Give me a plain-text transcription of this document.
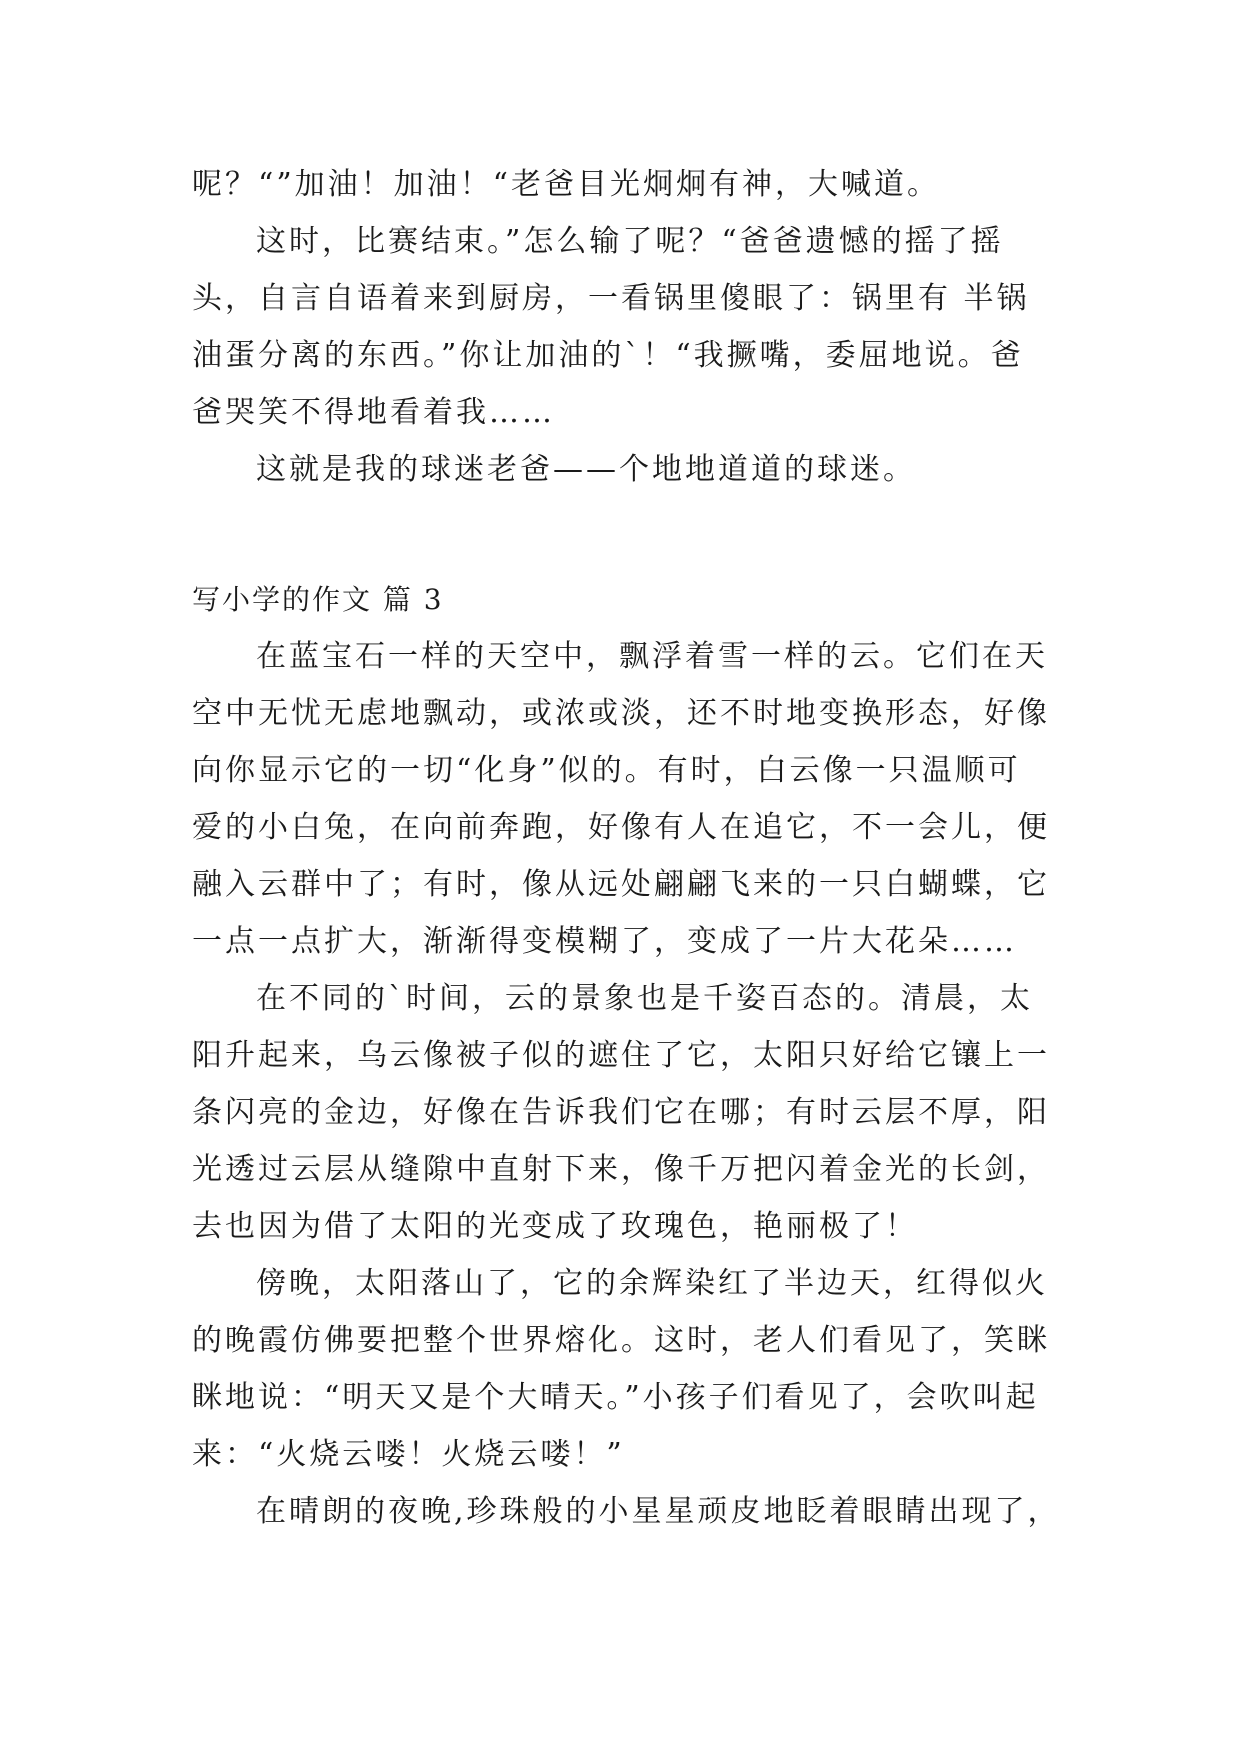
呢？“”加油！加油！“老爸目光炯炯有神，大喊道。
这时，比赛结束。”怎么输了呢？“爸爸遗憾的摇了摇
头，自言自语着来到厨房，一看锅里傻眼了：锅里有 半锅
油蛋分离的东西。”你让加油的`！“我撅嘴，委屈地说。爸
爸哭笑不得地看着我……
这就是我的球迷老爸——个地地道道的球迷。
写小学的作文 篇 3
在蓝宝石一样的天空中，飘浮着雪一样的云。它们在天
空中无忧无虑地飘动，或浓或淡，还不时地变换形态，好像
向你显示它的一切“化身”似的。有时，白云像一只温顺可
爱的小白兔，在向前奔跑，好像有人在追它，不一会儿，便
融入云群中了；有时，像从远处翩翩飞来的一只白蝴蝶，它
一点一点扩大，渐渐得变模糊了，变成了一片大花朵……
在不同的`时间，云的景象也是千姿百态的。清晨，太
阳升起来，乌云像被子似的遮住了它，太阳只好给它镶上一
条闪亮的金边，好像在告诉我们它在哪；有时云层不厚，阳
光透过云层从缝隙中直射下来，像千万把闪着金光的长剑，
去也因为借了太阳的光变成了玫瑰色，艳丽极了！
傍晚，太阳落山了，它的余辉染红了半边天，红得似火
的晚霞仿佛要把整个世界熔化。这时，老人们看见了，笑眯
眯地说：“明天又是个大晴天。”小孩子们看见了，会吹叫起
来：“火烧云喽！火烧云喽！”
在晴朗的夜晚,珍珠般的小星星顽皮地眨着眼睛出现了，
